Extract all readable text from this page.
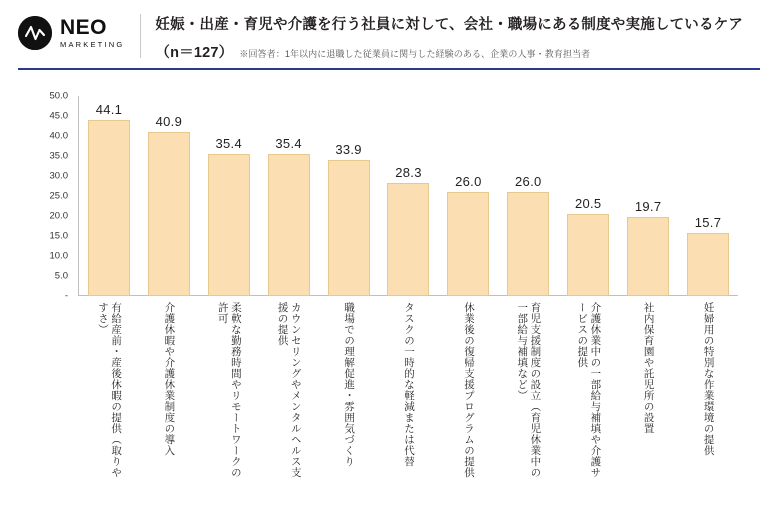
NEO
MARKETING
妊娠・出産・育児や介護を行う社員に対して、会社・職場にある制度や実施しているケア
（n＝127） ※回答者：1年以内に退職した従業員に関与した経験のある、企業の人事・教育担当者
50.0
45.0
40.0
35.0
30.0
25.0
20.0
15.0
10.0
5.0
-
44.1
40.9
35.4	35.4	33.9
28.3
26.0	26.0
20.5	19.7
15.7
有給産前・産後休暇の提供（取りやすさ）	介護休暇や介護休業制度の導入	柔軟な勤務時間やリモートワークの許可	カウンセリングやメンタルヘルス支援の提供	職場での理解促進・雰囲気づくり	タスクの一時的な軽減または代替	休業後の復帰支援プログラムの提供	育児支援制度の設立（育児休業中の一部給与補填など）	介護休業中の一部給与補填や介護サービスの提供	社内保育園や託児所の設置	妊婦用の特別な作業環境の提供
